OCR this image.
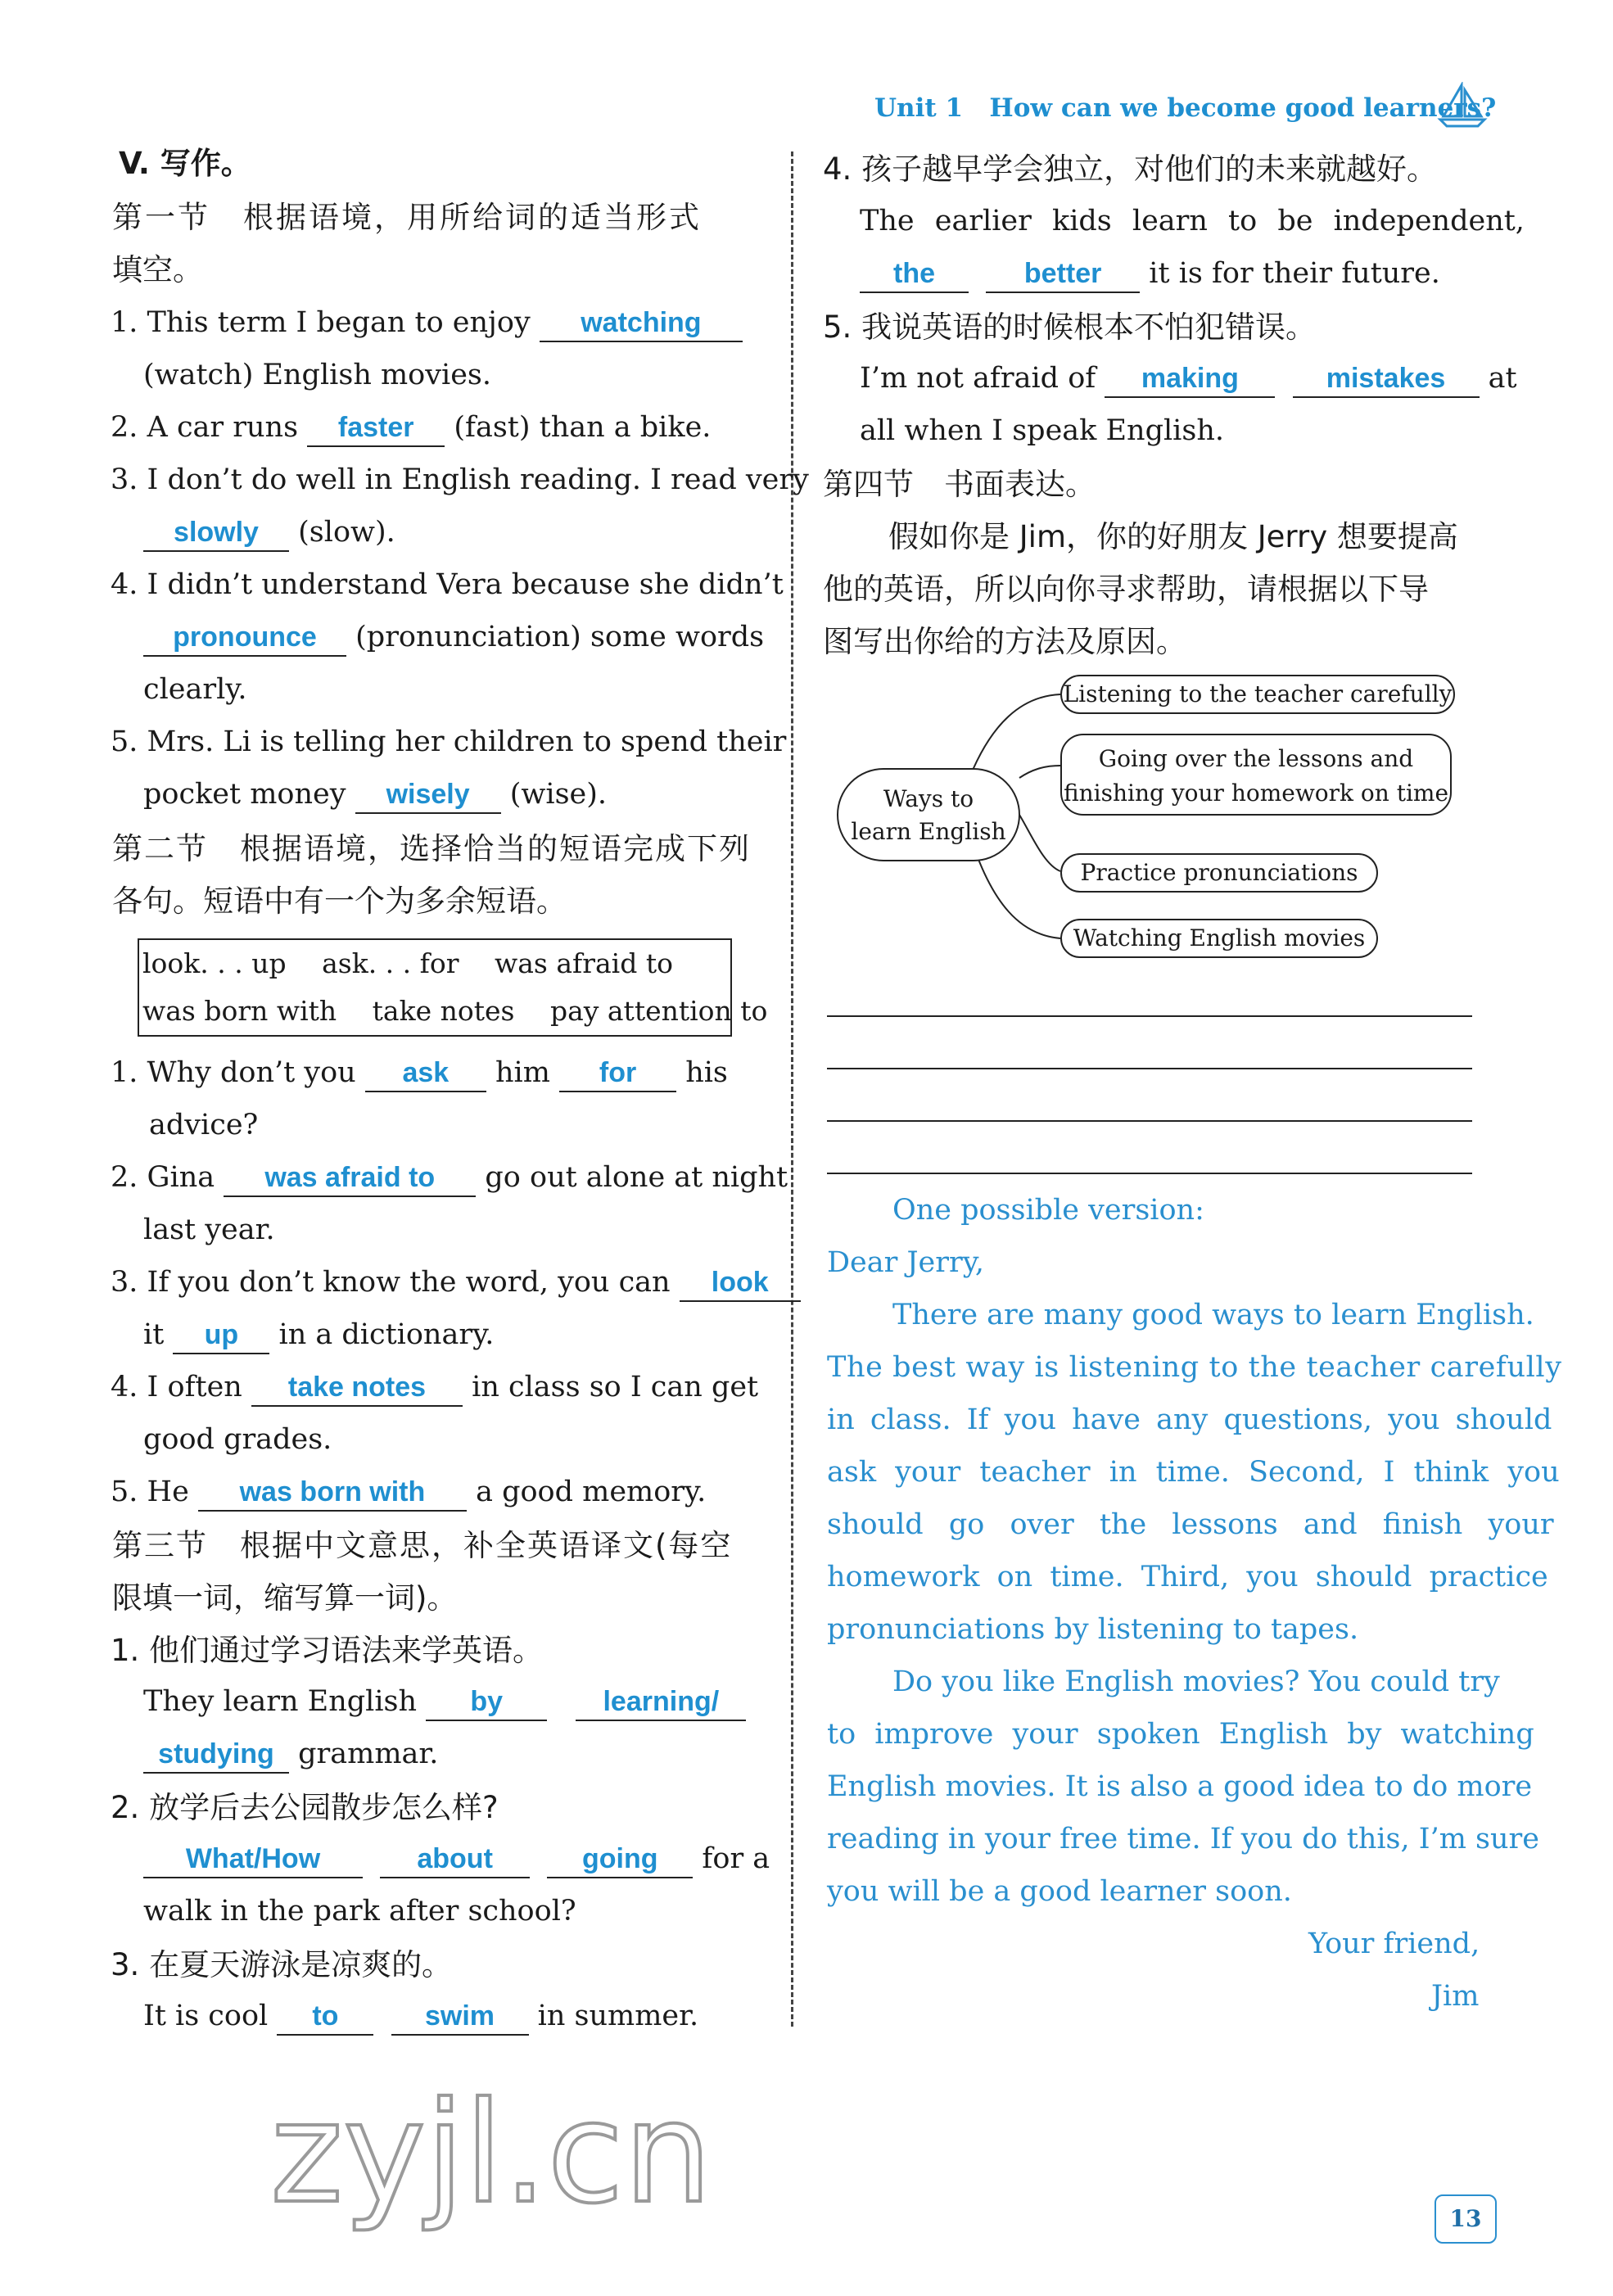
Unit 1 How can we become good learners?
V. 写作。
第一节　根据语境，用所给词的适当形式
填空。
1. This term I began to enjoy watching
(watch) English movies.
2. A car runs faster (fast) than a bike.
3. I don’t do well in English reading. I read very
slowly (slow).
4. I didn’t understand Vera because she didn’t
pronounce (pronunciation) some words
clearly.
5. Mrs. Li is telling her children to spend their
pocket money wisely (wise).
第二节　根据语境，选择恰当的短语完成下列
各句。短语中有一个为多余短语。
look. . . up　 ask. . . for　 was afraid to
was born with　 take notes　 pay attention to
1. Why don’t you ask him for his
advice?
2. Gina was afraid to go out alone at night
last year.
3. If you don’t know the word, you can look
it up in a dictionary.
4. I often take notes in class so I can get
good grades.
5. He was born with a good memory.
第三节　根据中文意思，补全英语译文(每空
限填一词，缩写算一词)。
1. 他们通过学习语法来学英语。
They learn English by	learning/
studying grammar.
2. 放学后去公园散步怎么样?
What/How	about	going for a
walk in the park after school?
3. 在夏天游泳是凉爽的。
It is cool to	swim in summer.
4. 孩子越早学会独立，对他们的未来就越好。
The earlier kids learn to be independent,
the	better it is for their future.
5. 我说英语的时候根本不怕犯错误。
I’m not afraid of making	mistakes at
all when I speak English.
第四节　书面表达。
假如你是 Jim，你的好朋友 Jerry 想要提高
他的英语，所以向你寻求帮助，请根据以下导
图写出你给的方法及原因。
Ways to
learn English
Listening to the teacher carefully
Going over the lessons and
finishing your homework on time
Practice pronunciations
Watching English movies
One possible version:
Dear Jerry,
There are many good ways to learn English.
The best way is listening to the teacher carefully
in class. If you have any questions, you should
ask your teacher in time. Second, I think you
should go over the lessons and finish your
homework on time. Third, you should practice
pronunciations by listening to tapes.
Do you like English movies? You could try
to improve your spoken English by watching
English movies. It is also a good idea to do more
reading in your free time. If you do this, I’m sure
you will be a good learner soon.
Your friend,
Jim
zyjl.cn	13
